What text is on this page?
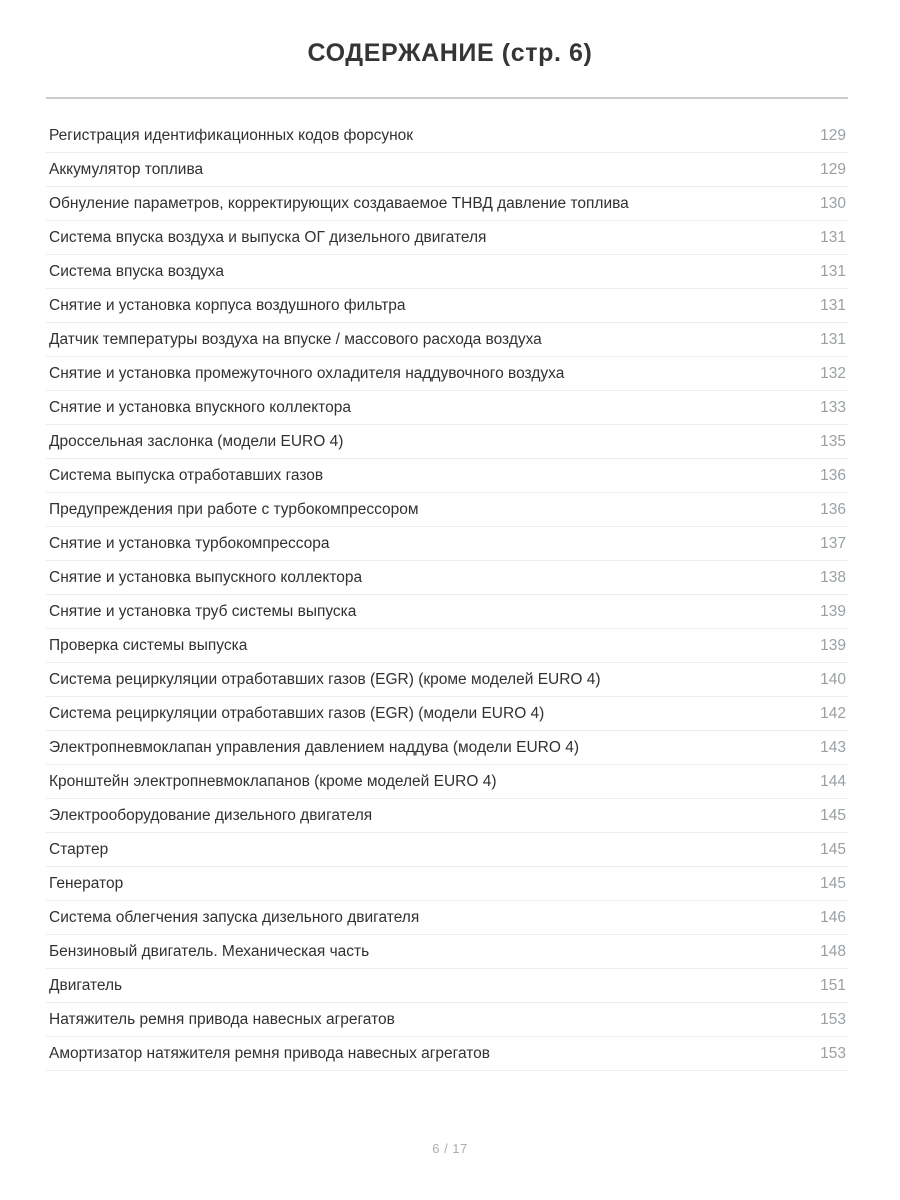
СОДЕРЖАНИЕ (стр. 6)
Регистрация идентификационных кодов форсунок	129
Аккумулятор топлива	129
Обнуление параметров, корректирующих создаваемое ТНВД давление топлива	130
Система впуска воздуха и выпуска ОГ дизельного двигателя	131
Система впуска воздуха	131
Снятие и установка корпуса воздушного фильтра	131
Датчик температуры воздуха на впуске / массового расхода воздуха	131
Снятие и установка промежуточного охладителя наддувочного воздуха	132
Снятие и установка впускного коллектора	133
Дроссельная заслонка (модели EURO 4)	135
Система выпуска отработавших газов	136
Предупреждения при работе с турбокомпрессором	136
Снятие и установка турбокомпрессора	137
Снятие и установка выпускного коллектора	138
Снятие и установка труб системы выпуска	139
Проверка системы выпуска	139
Система рециркуляции отработавших газов (EGR) (кроме моделей EURO 4)	140
Система рециркуляции отработавших газов (EGR) (модели EURO 4)	142
Электропневмоклапан управления давлением наддува (модели EURO 4)	143
Кронштейн электропневмоклапанов (кроме моделей EURO 4)	144
Электрооборудование дизельного двигателя	145
Стартер	145
Генератор	145
Система облегчения запуска дизельного двигателя	146
Бензиновый двигатель. Механическая часть	148
Двигатель	151
Натяжитель ремня привода навесных агрегатов	153
Амортизатор натяжителя ремня привода навесных агрегатов	153
6 / 17
